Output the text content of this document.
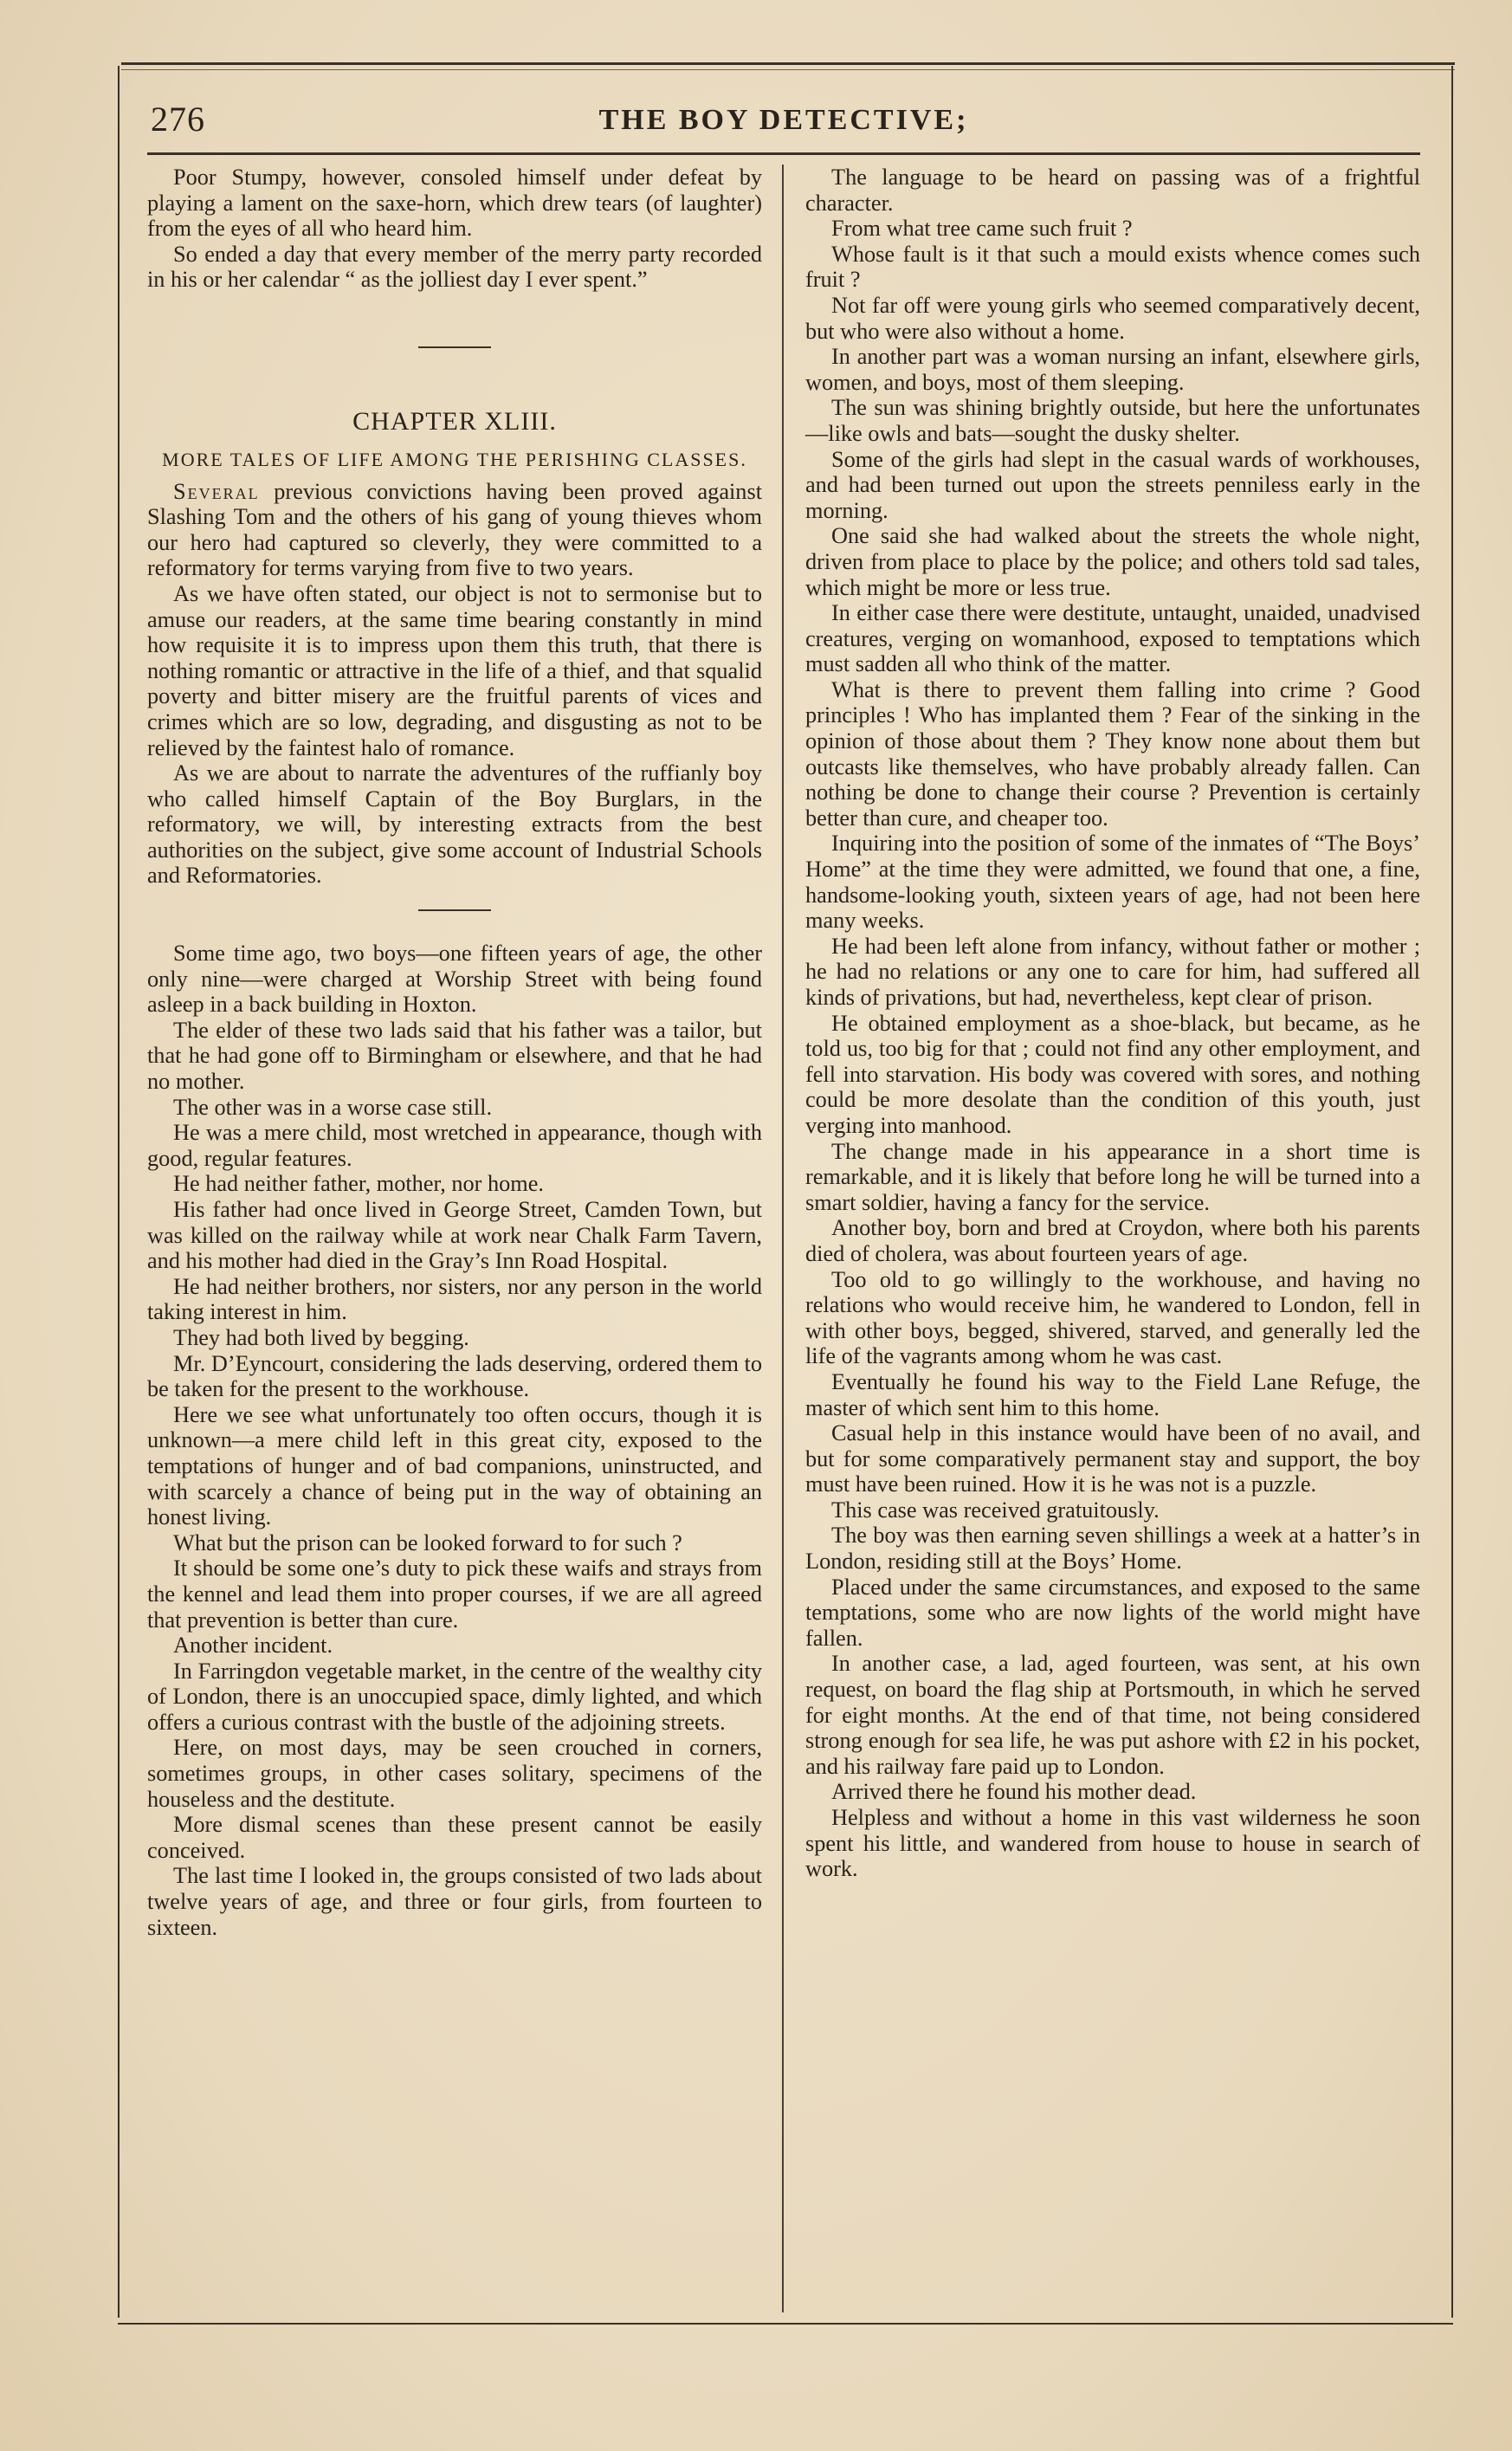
276	THE BOY DETECTIVE;

Poor Stumpy, however, consoled himself under defeat by playing a lament on the saxe-horn, which drew tears (of laughter) from the eyes of all who heard him.

So ended a day that every member of the merry party recorded in his or her calendar “ as the jolliest day I ever spent.”

CHAPTER XLIII.
MORE TALES OF LIFE AMONG THE PERISHING CLASSES.

Several previous convictions having been proved against Slashing Tom and the others of his gang of young thieves whom our hero had captured so cleverly, they were committed to a reformatory for terms varying from five to two years.

As we have often stated, our object is not to sermonise but to amuse our readers, at the same time bearing constantly in mind how requisite it is to impress upon them this truth, that there is nothing romantic or attractive in the life of a thief, and that squalid poverty and bitter misery are the fruitful parents of vices and crimes which are so low, degrading, and disgusting as not to be relieved by the faintest halo of romance.

As we are about to narrate the adventures of the ruffianly boy who called himself Captain of the Boy Burglars, in the reformatory, we will, by interesting extracts from the best authorities on the subject, give some account of Industrial Schools and Reformatories.

Some time ago, two boys—one fifteen years of age, the other only nine—were charged at Worship Street with being found asleep in a back building in Hoxton.

The elder of these two lads said that his father was a tailor, but that he had gone off to Birmingham or elsewhere, and that he had no mother.

The other was in a worse case still.

He was a mere child, most wretched in appearance, though with good, regular features.

He had neither father, mother, nor home.

His father had once lived in George Street, Camden Town, but was killed on the railway while at work near Chalk Farm Tavern, and his mother had died in the Gray’s Inn Road Hospital.

He had neither brothers, nor sisters, nor any person in the world taking interest in him.

They had both lived by begging.

Mr. D’Eyncourt, considering the lads deserving, ordered them to be taken for the present to the workhouse.

Here we see what unfortunately too often occurs, though it is unknown—a mere child left in this great city, exposed to the temptations of hunger and of bad companions, uninstructed, and with scarcely a chance of being put in the way of obtaining an honest living.

What but the prison can be looked forward to for such ?

It should be some one’s duty to pick these waifs and strays from the kennel and lead them into proper courses, if we are all agreed that prevention is better than cure.

Another incident.

In Farringdon vegetable market, in the centre of the wealthy city of London, there is an unoccupied space, dimly lighted, and which offers a curious contrast with the bustle of the adjoining streets.

Here, on most days, may be seen crouched in corners, sometimes groups, in other cases solitary, specimens of the houseless and the destitute.

More dismal scenes than these present cannot be easily conceived.

The last time I looked in, the groups consisted of two lads about twelve years of age, and three or four girls, from fourteen to sixteen.

The language to be heard on passing was of a frightful character.

From what tree came such fruit ?

Whose fault is it that such a mould exists whence comes such fruit ?

Not far off were young girls who seemed comparatively decent, but who were also without a home.

In another part was a woman nursing an infant, elsewhere girls, women, and boys, most of them sleeping.

The sun was shining brightly outside, but here the unfortunates—like owls and bats—sought the dusky shelter.

Some of the girls had slept in the casual wards of workhouses, and had been turned out upon the streets penniless early in the morning.

One said she had walked about the streets the whole night, driven from place to place by the police; and others told sad tales, which might be more or less true.

In either case there were destitute, untaught, unaided, unadvised creatures, verging on womanhood, exposed to temptations which must sadden all who think of the matter.

What is there to prevent them falling into crime ? Good principles ! Who has implanted them ? Fear of the sinking in the opinion of those about them ? They know none about them but outcasts like themselves, who have probably already fallen. Can nothing be done to change their course ? Prevention is certainly better than cure, and cheaper too.

Inquiring into the position of some of the inmates of “The Boys’ Home” at the time they were admitted, we found that one, a fine, handsome-looking youth, sixteen years of age, had not been here many weeks.

He had been left alone from infancy, without father or mother ; he had no relations or any one to care for him, had suffered all kinds of privations, but had, nevertheless, kept clear of prison.

He obtained employment as a shoe-black, but became, as he told us, too big for that ; could not find any other employment, and fell into starvation. His body was covered with sores, and nothing could be more desolate than the condition of this youth, just verging into manhood.

The change made in his appearance in a short time is remarkable, and it is likely that before long he will be turned into a smart soldier, having a fancy for the service.

Another boy, born and bred at Croydon, where both his parents died of cholera, was about fourteen years of age.

Too old to go willingly to the workhouse, and having no relations who would receive him, he wandered to London, fell in with other boys, begged, shivered, starved, and generally led the life of the vagrants among whom he was cast.

Eventually he found his way to the Field Lane Refuge, the master of which sent him to this home.

Casual help in this instance would have been of no avail, and but for some comparatively permanent stay and support, the boy must have been ruined. How it is he was not is a puzzle.

This case was received gratuitously.

The boy was then earning seven shillings a week at a hatter’s in London, residing still at the Boys’ Home.

Placed under the same circumstances, and exposed to the same temptations, some who are now lights of the world might have fallen.

In another case, a lad, aged fourteen, was sent, at his own request, on board the flag ship at Portsmouth, in which he served for eight months. At the end of that time, not being considered strong enough for sea life, he was put ashore with £2 in his pocket, and his railway fare paid up to London.

Arrived there he found his mother dead.

Helpless and without a home in this vast wilderness he soon spent his little, and wandered from house to house in search of work.
